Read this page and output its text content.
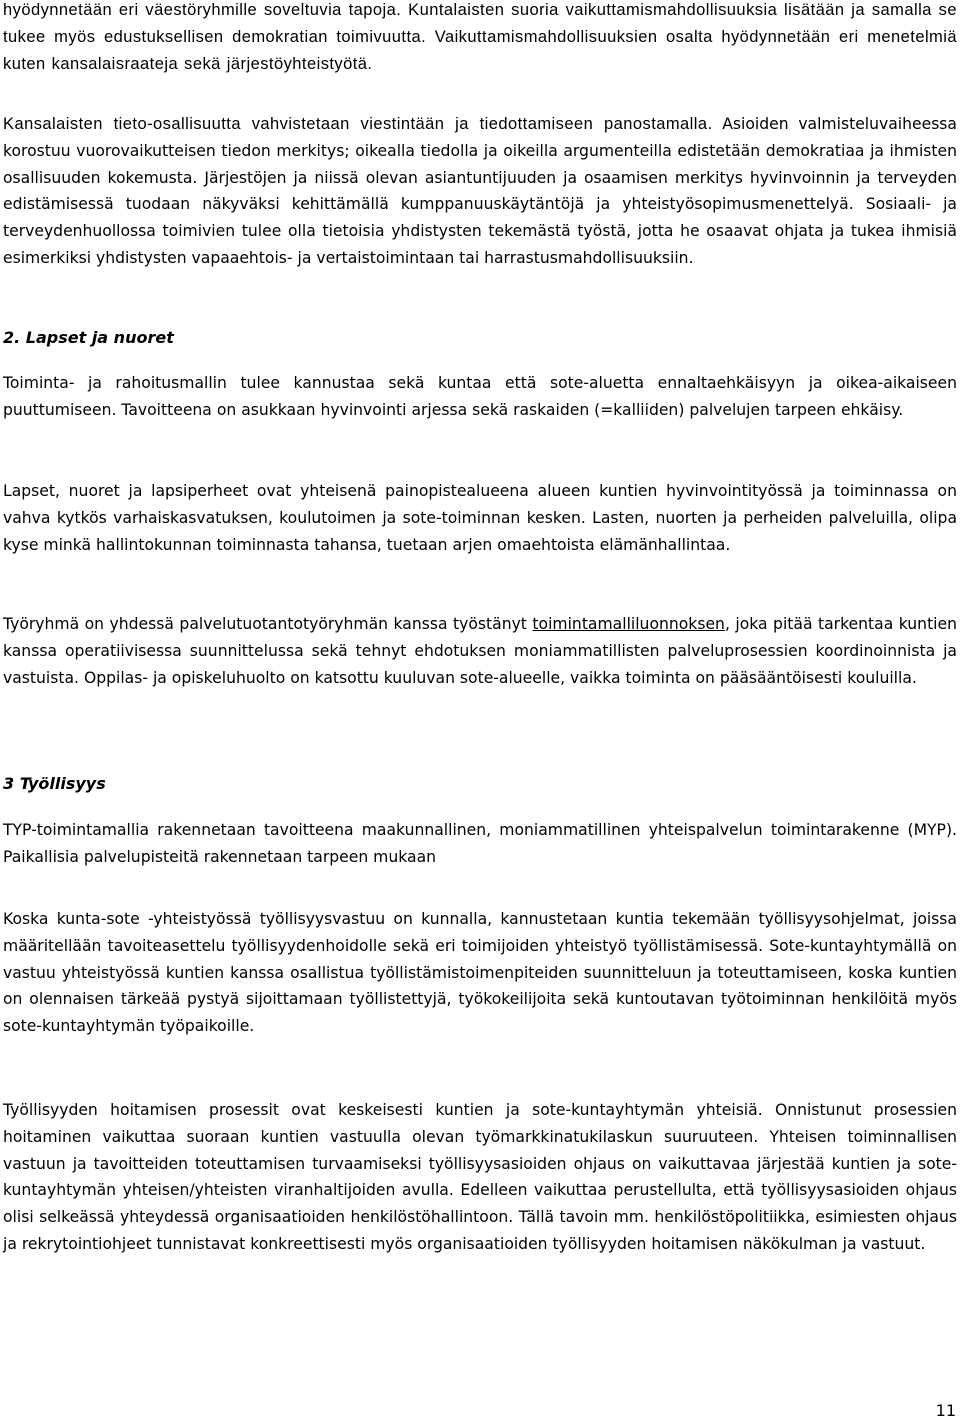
hyödynnetään eri väestöryhmille soveltuvia tapoja. Kuntalaisten suoria vaikuttamismahdollisuuksia lisätään ja samalla se tukee myös edustuksellisen demokratian toimivuutta. Vaikuttamismahdollisuuksien osalta hyödynnetään eri menetelmiä kuten kansalaisraateja sekä järjestöyhteistyötä.

Kansalaisten tieto-osallisuutta vahvistetaan viestintään ja tiedottamiseen panostamalla. Asioiden valmisteluvaiheessa korostuu vuorovaikutteisen tiedon merkitys; oikealla tiedolla ja oikeilla argumenteilla edistetään demokratiaa ja ihmisten osallisuuden kokemusta. Järjestöjen ja niissä olevan asiantuntijuuden ja osaamisen merkitys hyvinvoinnin ja terveyden edistämisessä tuodaan näkyväksi kehittämällä kumppanuuskäytäntöjä ja yhteistyösopimusmenettelyä. Sosiaali- ja terveydenhuollossa toimivien tulee olla tietoisia yhdistysten tekemästä työstä, jotta he osaavat ohjata ja tukea ihmisiä esimerkiksi yhdistysten vapaaehtois- ja vertaistoimintaan tai harrastusmahdollisuuksiin.

2. Lapset ja nuoret

Toiminta- ja rahoitusmallin tulee kannustaa sekä kuntaa että sote-aluetta ennaltaehkäisyyn ja oikea-aikaiseen puuttumiseen. Tavoitteena on asukkaan hyvinvointi arjessa sekä raskaiden (=kalliiden) palvelujen tarpeen ehkäisy.

Lapset, nuoret ja lapsiperheet ovat yhteisenä painopistealueena alueen kuntien hyvinvointityössä ja toiminnassa on vahva kytkös varhaiskasvatuksen, koulutoimen ja sote-toiminnan kesken. Lasten, nuorten ja perheiden palveluilla, olipa kyse minkä hallintokunnan toiminnasta tahansa, tuetaan arjen omaehtoista elämänhallintaa.

Työryhmä on yhdessä palvelutuotantotyöryhmän kanssa työstänyt toimintamalliluonnoksen, joka pitää tarkentaa kuntien kanssa operatiivisessa suunnittelussa sekä tehnyt ehdotuksen moniammatillisten palveluprosessien koordinoinnista ja vastuista. Oppilas- ja opiskeluhuolto on katsottu kuuluvan sote-alueelle, vaikka toiminta on pääsääntöisesti kouluilla.

3 Työllisyys

TYP-toimintamallia rakennetaan tavoitteena maakunnallinen, moniammatillinen yhteispalvelun toimintarakenne (MYP). Paikallisia palvelupisteitä rakennetaan tarpeen mukaan

Koska kunta-sote -yhteistyössä työllisyysvastuu on kunnalla, kannustetaan kuntia tekemään työllisyysohjelmat, joissa määritellään tavoiteasettelu työllisyydenhoidolle sekä eri toimijoiden yhteistyö työllistämisessä. Sote-kuntayhtymällä on vastuu yhteistyössä kuntien kanssa osallistua työllistämistoimenpiteiden suunnitteluun ja toteuttamiseen, koska kuntien on olennaisen tärkeää pystyä sijoittamaan työllistettyjä, työkokeilijoita sekä kuntoutavan työtoiminnan henkilöitä myös sote-kuntayhtymän työpaikoille.

Työllisyyden hoitamisen prosessit ovat keskeisesti kuntien ja sote-kuntayhtymän yhteisiä. Onnistunut prosessien hoitaminen vaikuttaa suoraan kuntien vastuulla olevan työmarkkinatukilaskun suuruuteen. Yhteisen toiminnallisen vastuun ja tavoitteiden toteuttamisen turvaamiseksi työllisyysasioiden ohjaus on vaikuttavaa järjestää kuntien ja sote-kuntayhtymän yhteisen/yhteisten viranhaltijoiden avulla. Edelleen vaikuttaa perustellulta, että työllisyysasioiden ohjaus olisi selkeässä yhteydessä organisaatioiden henkilöstöhallintoon. Tällä tavoin mm. henkilöstöpolitiikka, esimiesten ohjaus ja rekrytointiohjeet tunnistavat konkreettisesti myös organisaatioiden työllisyyden hoitamisen näkökulman ja vastuut.

11
